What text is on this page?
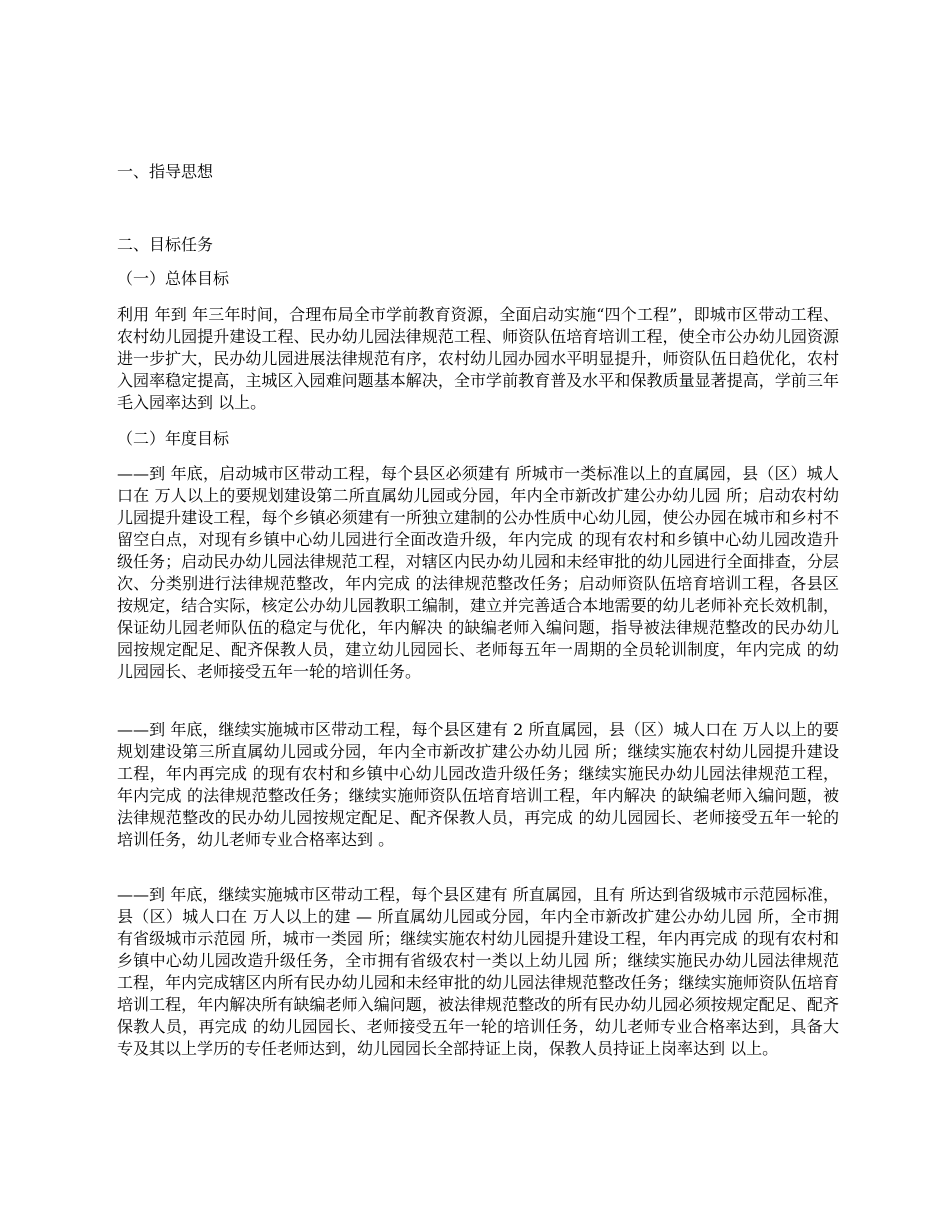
一、指导思想
二、目标任务
（一）总体目标
利用 年到 年三年时间，合理布局全市学前教育资源，全面启动实施“四个工程”，即城市区带动工程、农村幼儿园提升建设工程、民办幼儿园法律规范工程、师资队伍培育培训工程，使全市公办幼儿园资源进一步扩大，民办幼儿园进展法律规范有序，农村幼儿园办园水平明显提升，师资队伍日趋优化，农村入园率稳定提高，主城区入园难问题基本解决，全市学前教育普及水平和保教质量显著提高，学前三年毛入园率达到 以上。
（二）年度目标
——到 年底，启动城市区带动工程，每个县区必须建有 所城市一类标准以上的直属园，县（区）城人口在 万人以上的要规划建设第二所直属幼儿园或分园，年内全市新改扩建公办幼儿园 所；启动农村幼儿园提升建设工程，每个乡镇必须建有一所独立建制的公办性质中心幼儿园，使公办园在城市和乡村不留空白点，对现有乡镇中心幼儿园进行全面改造升级，年内完成 的现有农村和乡镇中心幼儿园改造升级任务；启动民办幼儿园法律规范工程，对辖区内民办幼儿园和未经审批的幼儿园进行全面排查，分层次、分类别进行法律规范整改，年内完成 的法律规范整改任务；启动师资队伍培育培训工程，各县区按规定，结合实际，核定公办幼儿园教职工编制，建立并完善适合本地需要的幼儿老师补充长效机制，保证幼儿园老师队伍的稳定与优化，年内解决 的缺编老师入编问题，指导被法律规范整改的民办幼儿园按规定配足、配齐保教人员，建立幼儿园园长、老师每五年一周期的全员轮训制度，年内完成 的幼儿园园长、老师接受五年一轮的培训任务。
——到 年底，继续实施城市区带动工程，每个县区建有 2 所直属园，县（区）城人口在 万人以上的要规划建设第三所直属幼儿园或分园，年内全市新改扩建公办幼儿园 所；继续实施农村幼儿园提升建设工程，年内再完成 的现有农村和乡镇中心幼儿园改造升级任务；继续实施民办幼儿园法律规范工程，年内完成 的法律规范整改任务；继续实施师资队伍培育培训工程，年内解决 的缺编老师入编问题，被法律规范整改的民办幼儿园按规定配足、配齐保教人员，再完成 的幼儿园园长、老师接受五年一轮的培训任务，幼儿老师专业合格率达到 。
——到 年底，继续实施城市区带动工程，每个县区建有 所直属园，且有 所达到省级城市示范园标准，县（区）城人口在 万人以上的建 — 所直属幼儿园或分园，年内全市新改扩建公办幼儿园 所，全市拥有省级城市示范园 所，城市一类园 所；继续实施农村幼儿园提升建设工程，年内再完成 的现有农村和乡镇中心幼儿园改造升级任务，全市拥有省级农村一类以上幼儿园 所；继续实施民办幼儿园法律规范工程，年内完成辖区内所有民办幼儿园和未经审批的幼儿园法律规范整改任务；继续实施师资队伍培育培训工程，年内解决所有缺编老师入编问题，被法律规范整改的所有民办幼儿园必须按规定配足、配齐保教人员，再完成 的幼儿园园长、老师接受五年一轮的培训任务，幼儿老师专业合格率达到，具备大专及其以上学历的专任老师达到，幼儿园园长全部持证上岗，保教人员持证上岗率达到 以上。
